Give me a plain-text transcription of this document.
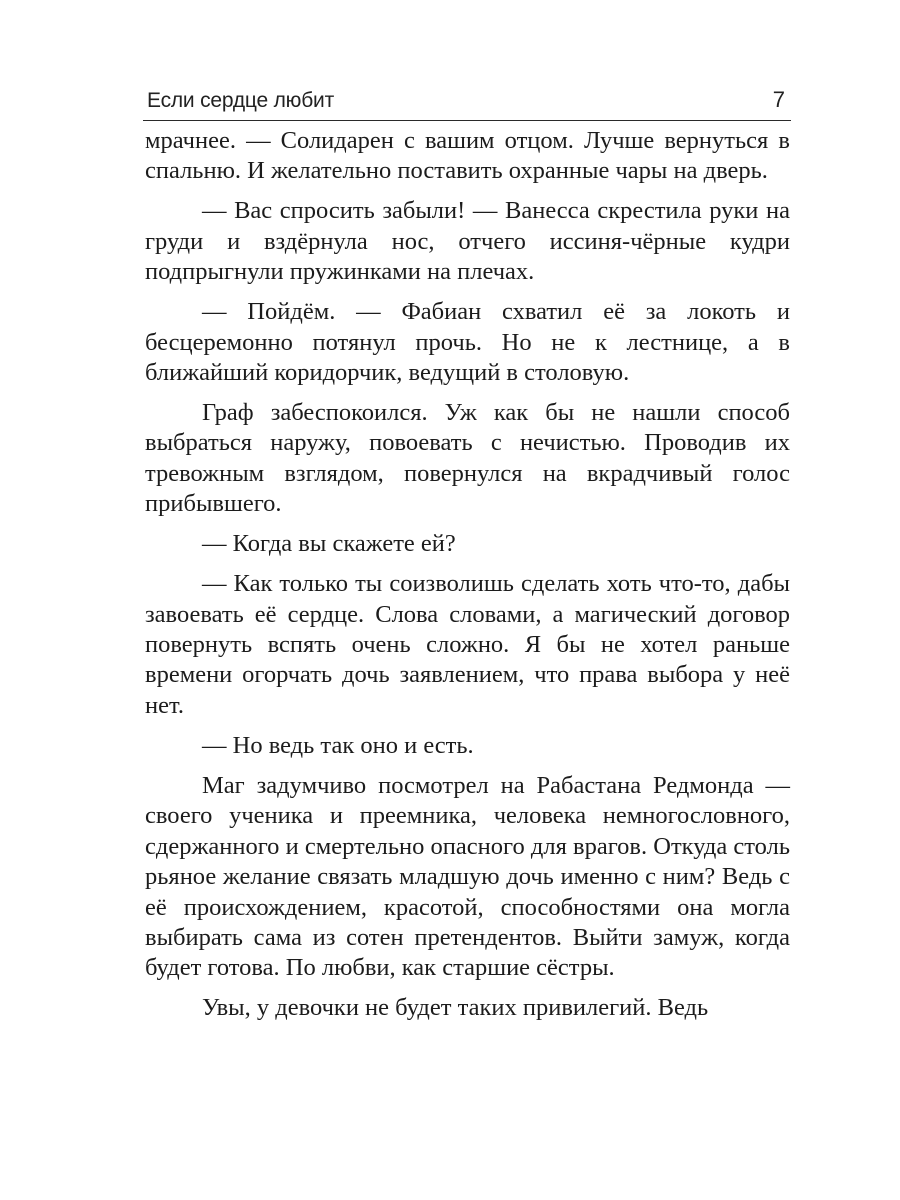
Если сердце любит	7

мрачнее. — Солидарен с вашим отцом. Лучше вернуться в спальню. И желательно поставить охранные чары на дверь.

— Вас спросить забыли! — Ванесса скрестила руки на груди и вздёрнула нос, отчего иссиня-чёрные кудри подпрыгнули пружинками на плечах.

— Пойдём. — Фабиан схватил её за локоть и бесцеремонно потянул прочь. Но не к лестнице, а в ближайший коридорчик, ведущий в столовую.

Граф забеспокоился. Уж как бы не нашли способ выбраться наружу, повоевать с нечистью. Проводив их тревожным взглядом, повернулся на вкрадчивый голос прибывшего.

— Когда вы скажете ей?

— Как только ты соизволишь сделать хоть что-то, дабы завоевать её сердце. Слова словами, а магический договор повернуть вспять очень сложно. Я бы не хотел раньше времени огорчать дочь заявлением, что права выбора у неё нет.

— Но ведь так оно и есть.

Маг задумчиво посмотрел на Рабастана Редмонда — своего ученика и преемника, человека немногословного, сдержанного и смертельно опасного для врагов. Откуда столь рьяное желание связать младшую дочь именно с ним? Ведь с её происхождением, красотой, способностями она могла выбирать сама из сотен претендентов. Выйти замуж, когда будет готова. По любви, как старшие сёстры.

Увы, у девочки не будет таких привилегий. Ведь
